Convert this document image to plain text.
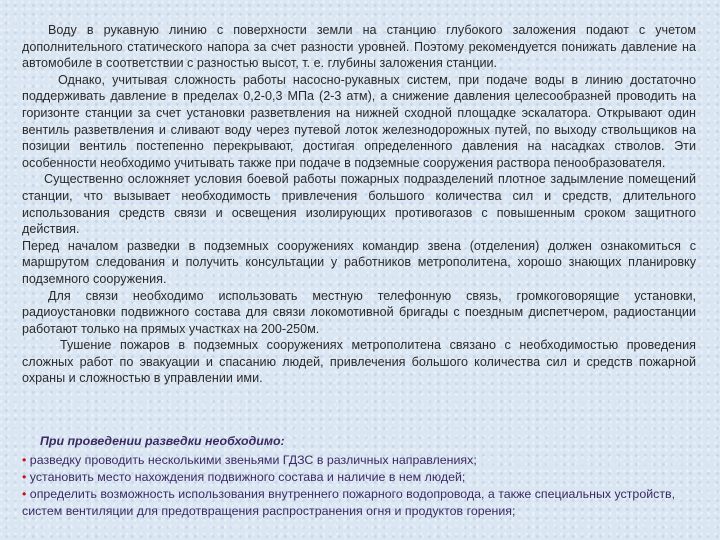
Воду в рукавную линию с поверхности земли на станцию глубокого заложения подают с учетом дополнительного статического напора за счет разности уровней. Поэтому рекомендуется понижать давление на автомобиле в соответствии с разностью высот, т. е. глубины заложения станции.

Однако, учитывая сложность работы насосно-рукавных систем, при подаче воды в линию достаточно поддерживать давление в пределах 0,2-0,3 МПа (2-3 атм), а снижение давления целесообразней проводить на горизонте станции за счет установки разветвления на нижней сходной площадке эскалатора. Открывают один вентиль разветвления и сливают воду через путевой лоток железнодорожных путей, по выходу ствольщиков на позиции вентиль постепенно перекрывают, достигая определенного давления на насадках стволов. Эти особенности необходимо учитывать также при подаче в подземные сооружения раствора пенообразователя.

Существенно осложняет условия боевой работы пожарных подразделений плотное задымление помещений станции, что вызывает необходимость привлечения большого количества сил и средств, длительного использования средств связи и освещения изолирующих противогазов с повышенным сроком защитного действия.

Перед началом разведки в подземных сооружениях командир звена (отделения) должен ознакомиться с маршрутом следования и получить консультации у работников метрополитена, хорошо знающих планировку подземного сооружения.

Для связи необходимо использовать местную телефонную связь, громкоговорящие установки, радиоустановки подвижного состава для связи локомотивной бригады с поездным диспетчером, радиостанции работают только на прямых участках на 200-250м.

Тушение пожаров в подземных сооружениях метрополитена связано с необходимостью проведения сложных работ по эвакуации и спасанию людей, привлечения большого количества сил и средств пожарной охраны и сложностью в управлении ими.

При проведении разведки необходимо:

• разведку проводить несколькими звеньями ГДЗС в различных направлениях;

• установить место нахождения подвижного состава и наличие в нем людей;

• определить возможность использования внутреннего пожарного водопровода, а также специальных устройств, систем вентиляции для предотвращения распространения огня и продуктов горения;
